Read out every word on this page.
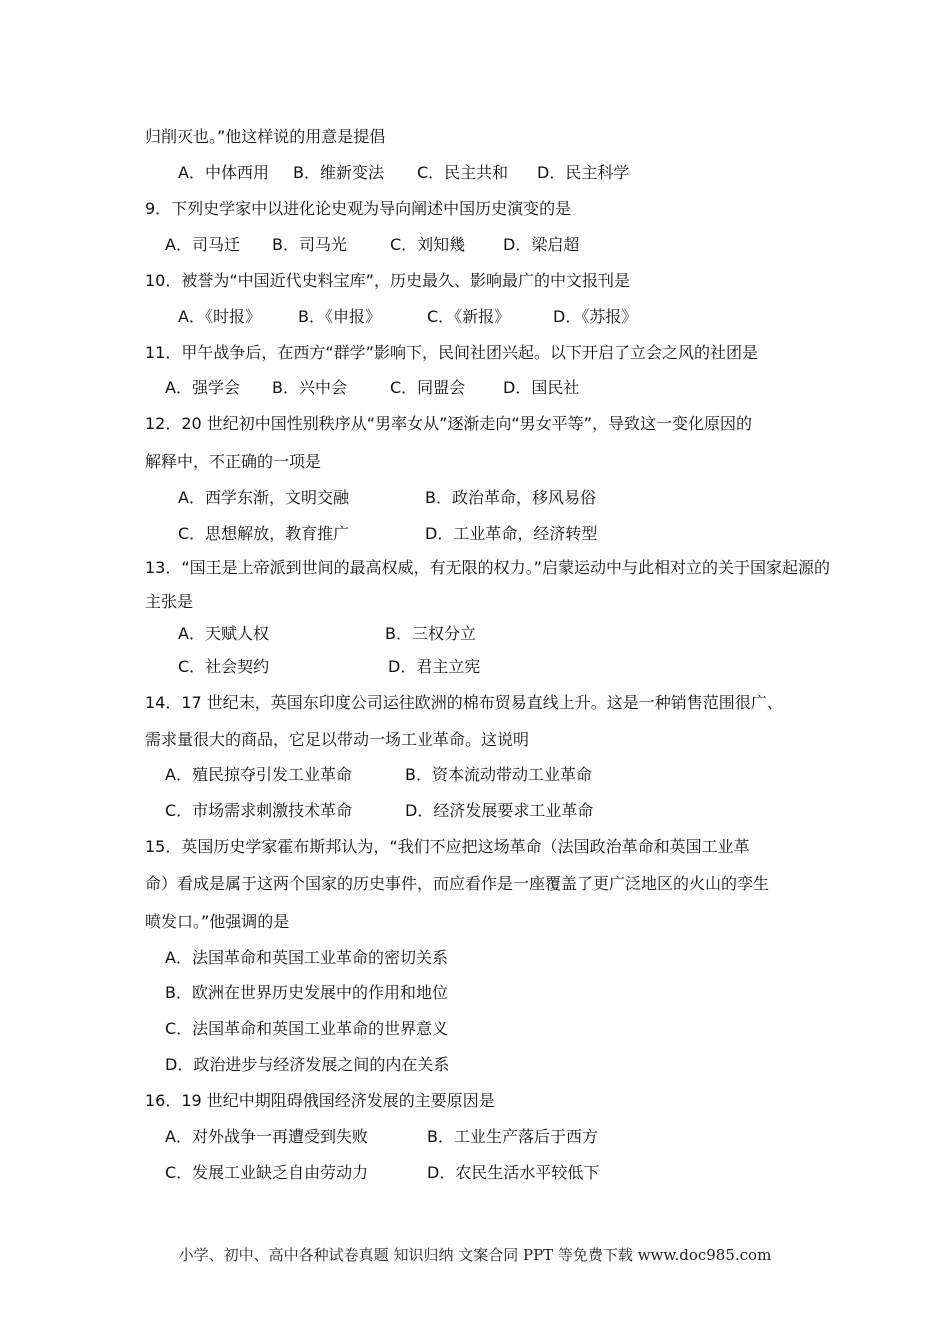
归削灭也。”他这样说的用意是提倡
A．中体西用 B．维新变法 C．民主共和 D．民主科学
9．下列史学家中以进化论史观为导向阐述中国历史演变的是
A．司马迁 B．司马光	C．刘知幾 D．梁启超
10．被誉为“中国近代史料宝库”，历史最久、影响最广的中文报刊是
A．《时报》 B．《申报》	C．《新报》	D．《苏报》
11．甲午战争后，在西方“群学”影响下，民间社团兴起。以下开启了立会之风的社团是
A．强学会 B．兴中会	C．同盟会 D．国民社
12．20 世纪初中国性别秩序从“男率女从”逐渐走向“男女平等”，导致这一变化原因的
解释中，不正确的一项是
A．西学东渐，文明交融	B．政治革命，移风易俗
C．思想解放，教育推广	D．工业革命，经济转型
13．“国王是上帝派到世间的最高权威，有无限的权力。”启蒙运动中与此相对立的关于国家起源的
主张是
A．天赋人权	B．三权分立
C．社会契约	D．君主立宪
14．17 世纪末，英国东印度公司运往欧洲的棉布贸易直线上升。这是一种销售范围很广、
需求量很大的商品，它足以带动一场工业革命。这说明
A．殖民掠夺引发工业革命	B．资本流动带动工业革命
C．市场需求刺激技术革命	D．经济发展要求工业革命
15．英国历史学家霍布斯邦认为，“我们不应把这场革命（法国政治革命和英国工业革
命）看成是属于这两个国家的历史事件，而应看作是一座覆盖了更广泛地区的火山的孪生
喷发口。”他强调的是
A．法国革命和英国工业革命的密切关系
B．欧洲在世界历史发展中的作用和地位
C．法国革命和英国工业革命的世界意义
D．政治进步与经济发展之间的内在关系
16．19 世纪中期阻碍俄国经济发展的主要原因是
A．对外战争一再遭受到失败	B．工业生产落后于西方
C．发展工业缺乏自由劳动力	D．农民生活水平较低下
小学、初中、高中各种试卷真题 知识归纳 文案合同 PPT 等免费下载 www.doc985.com
